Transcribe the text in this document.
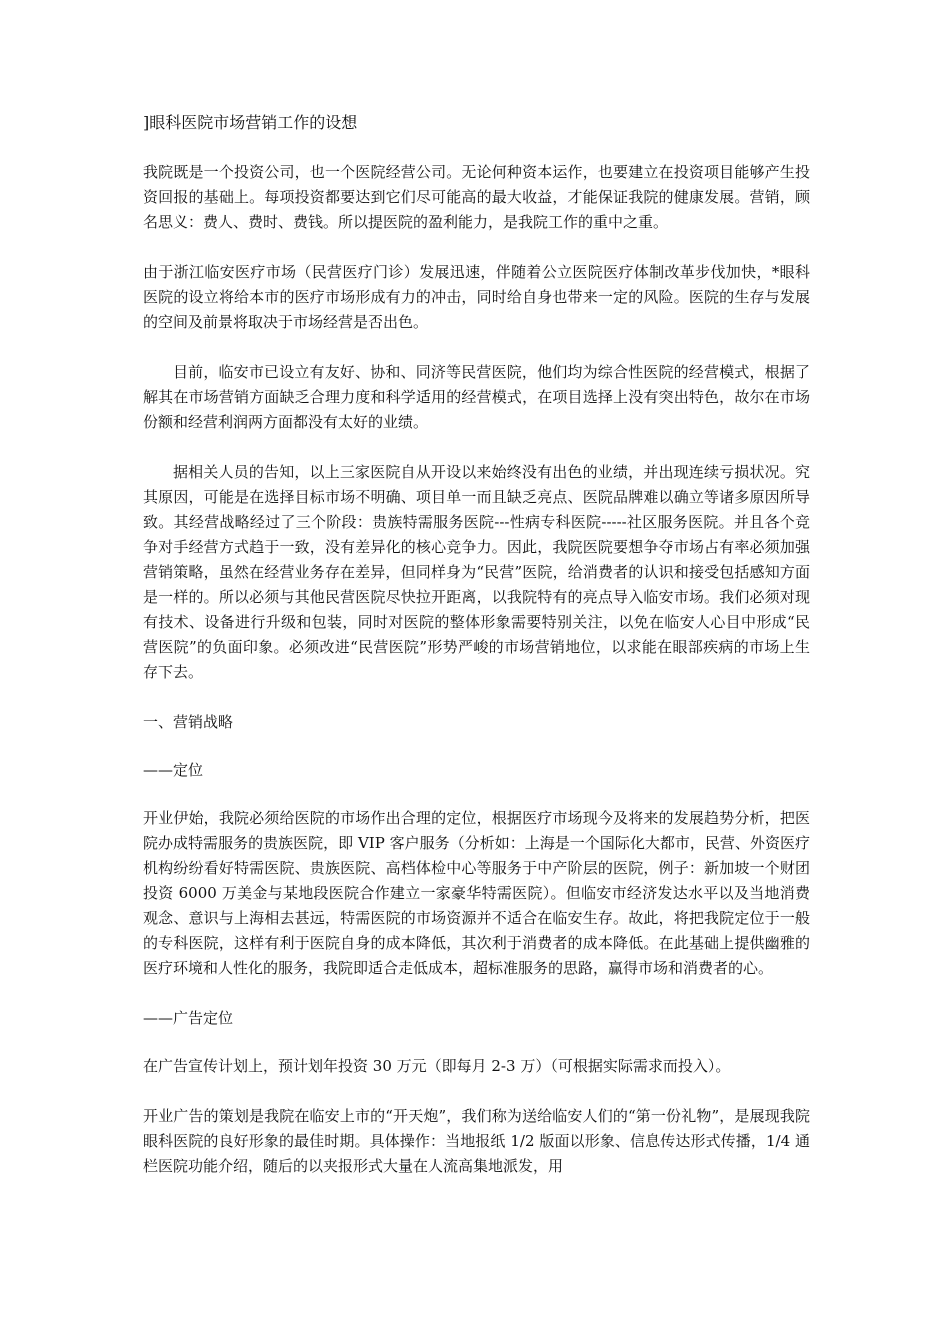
]眼科医院市场营销工作的设想

我院既是一个投资公司，也一个医院经营公司。无论何种资本运作，也要建立在投资项目能够产生投资回报的基础上。每项投资都要达到它们尽可能高的最大收益，才能保证我院的健康发展。营销，顾名思义：费人、费时、费钱。所以提医院的盈利能力，是我院工作的重中之重。

由于浙江临安医疗市场（民营医疗门诊）发展迅速，伴随着公立医院医疗体制改革步伐加快，*眼科医院的设立将给本市的医疗市场形成有力的冲击，同时给自身也带来一定的风险。医院的生存与发展的空间及前景将取决于市场经营是否出色。

目前，临安市已设立有友好、协和、同济等民营医院，他们均为综合性医院的经营模式，根据了解其在市场营销方面缺乏合理力度和科学适用的经营模式，在项目选择上没有突出特色，故尔在市场份额和经营利润两方面都没有太好的业绩。

据相关人员的告知，以上三家医院自从开设以来始终没有出色的业绩，并出现连续亏损状况。究其原因，可能是在选择目标市场不明确、项目单一而且缺乏亮点、医院品牌难以确立等诸多原因所导致。其经营战略经过了三个阶段：贵族特需服务医院---性病专科医院-----社区服务医院。并且各个竞争对手经营方式趋于一致，没有差异化的核心竞争力。因此，我院医院要想争夺市场占有率必须加强营销策略，虽然在经营业务存在差异，但同样身为“民营”医院，给消费者的认识和接受包括感知方面是一样的。所以必须与其他民营医院尽快拉开距离，以我院特有的亮点导入临安市场。我们必须对现有技术、设备进行升级和包装，同时对医院的整体形象需要特别关注，以免在临安人心目中形成“民营医院”的负面印象。必须改进“民营医院”形势严峻的市场营销地位，以求能在眼部疾病的市场上生存下去。

一、营销战略

——定位

开业伊始，我院必须给医院的市场作出合理的定位，根据医疗市场现今及将来的发展趋势分析，把医院办成特需服务的贵族医院，即 VIP 客户服务（分析如：上海是一个国际化大都市，民营、外资医疗机构纷纷看好特需医院、贵族医院、高档体检中心等服务于中产阶层的医院，例子：新加坡一个财团投资 6000 万美金与某地段医院合作建立一家豪华特需医院）。但临安市经济发达水平以及当地消费观念、意识与上海相去甚远，特需医院的市场资源并不适合在临安生存。故此，将把我院定位于一般的专科医院，这样有利于医院自身的成本降低，其次利于消费者的成本降低。在此基础上提供幽雅的医疗环境和人性化的服务，我院即适合走低成本，超标准服务的思路，赢得市场和消费者的心。

——广告定位

在广告宣传计划上，预计划年投资 30 万元（即每月 2-3 万）（可根据实际需求而投入）。

开业广告的策划是我院在临安上市的“开天炮”，我们称为送给临安人们的“第一份礼物”，是展现我院眼科医院的良好形象的最佳时期。具体操作：当地报纸 1/2 版面以形象、信息传达形式传播，1/4 通栏医院功能介绍，随后的以夹报形式大量在人流高集地派发，用
